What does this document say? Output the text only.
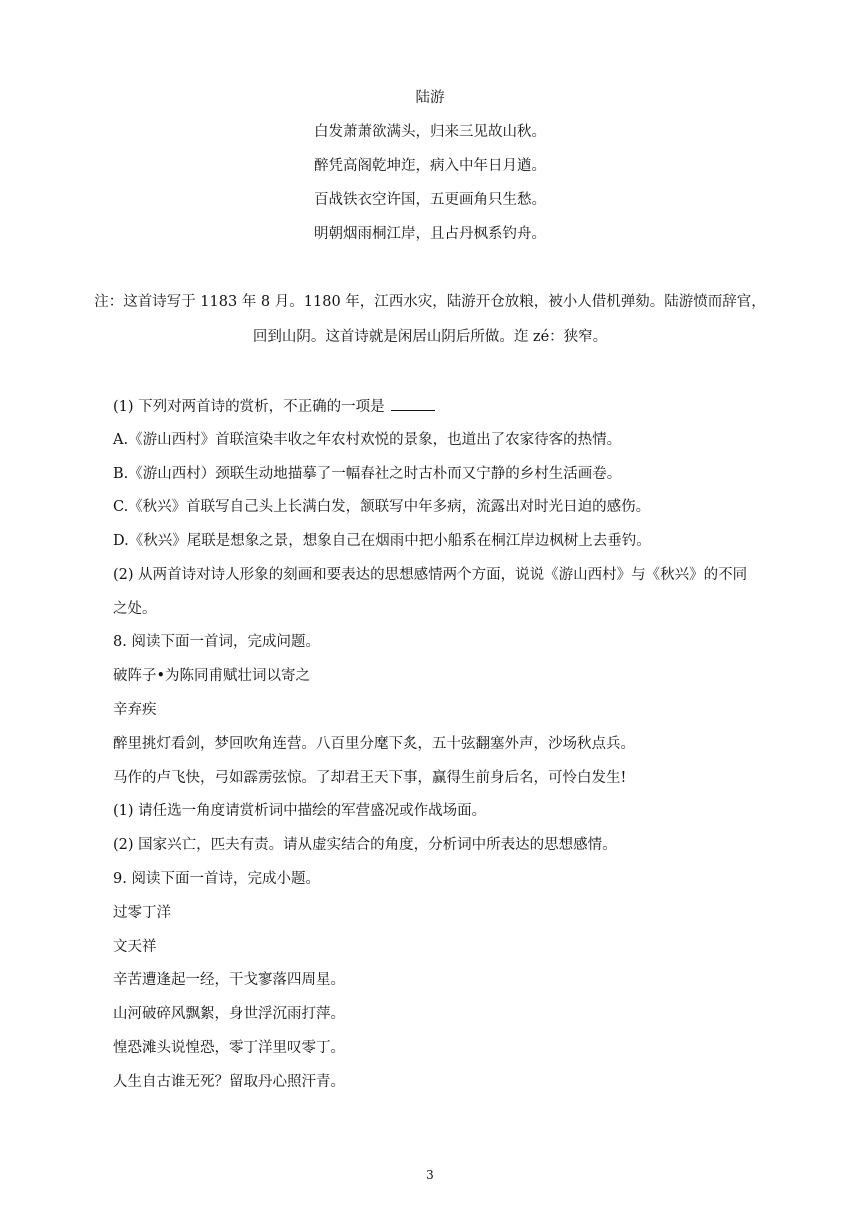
陆游
白发萧萧欲满头，归来三见故山秋。
醉凭高阁乾坤迮，病入中年日月遒。
百战铁衣空许国，五更画角只生愁。
明朝烟雨桐江岸，且占丹枫系钓舟。
注：这首诗写于 1183 年 8 月。1180 年，江西水灾，陆游开仓放粮，被小人借机弹劾。陆游愤而辞官，
回到山阴。这首诗就是闲居山阴后所做。迮 zé：狭窄。
(1) 下列对两首诗的赏析，不正确的一项是
A.《游山西村》首联渲染丰收之年农村欢悦的景象，也道出了农家待客的热情。
B.《游山西村）颈联生动地描摹了一幅春社之时古朴而又宁静的乡村生活画卷。
C.《秋兴》首联写自己头上长满白发，颔联写中年多病，流露出对时光日迫的感伤。
D.《秋兴》尾联是想象之景，想象自己在烟雨中把小船系在桐江岸边枫树上去垂钓。
(2) 从两首诗对诗人形象的刻画和要表达的思想感情两个方面，说说《游山西村》与《秋兴》的不同
之处。
8. 阅读下面一首词，完成问题。
破阵子•为陈同甫赋壮词以寄之
辛弃疾
醉里挑灯看剑，梦回吹角连营。八百里分麾下炙，五十弦翻塞外声，沙场秋点兵。
马作的卢飞快，弓如霹雳弦惊。了却君王天下事，赢得生前身后名，可怜白发生!
(1) 请任选一角度请赏析词中描绘的军营盛况或作战场面。
(2) 国家兴亡，匹夫有责。请从虚实结合的角度，分析词中所表达的思想感情。
9. 阅读下面一首诗，完成小题。
过零丁洋
文天祥
辛苦遭逢起一经，干戈寥落四周星。
山河破碎风飘絮，身世浮沉雨打萍。
惶恐滩头说惶恐，零丁洋里叹零丁。
人生自古谁无死？留取丹心照汗青。
3
